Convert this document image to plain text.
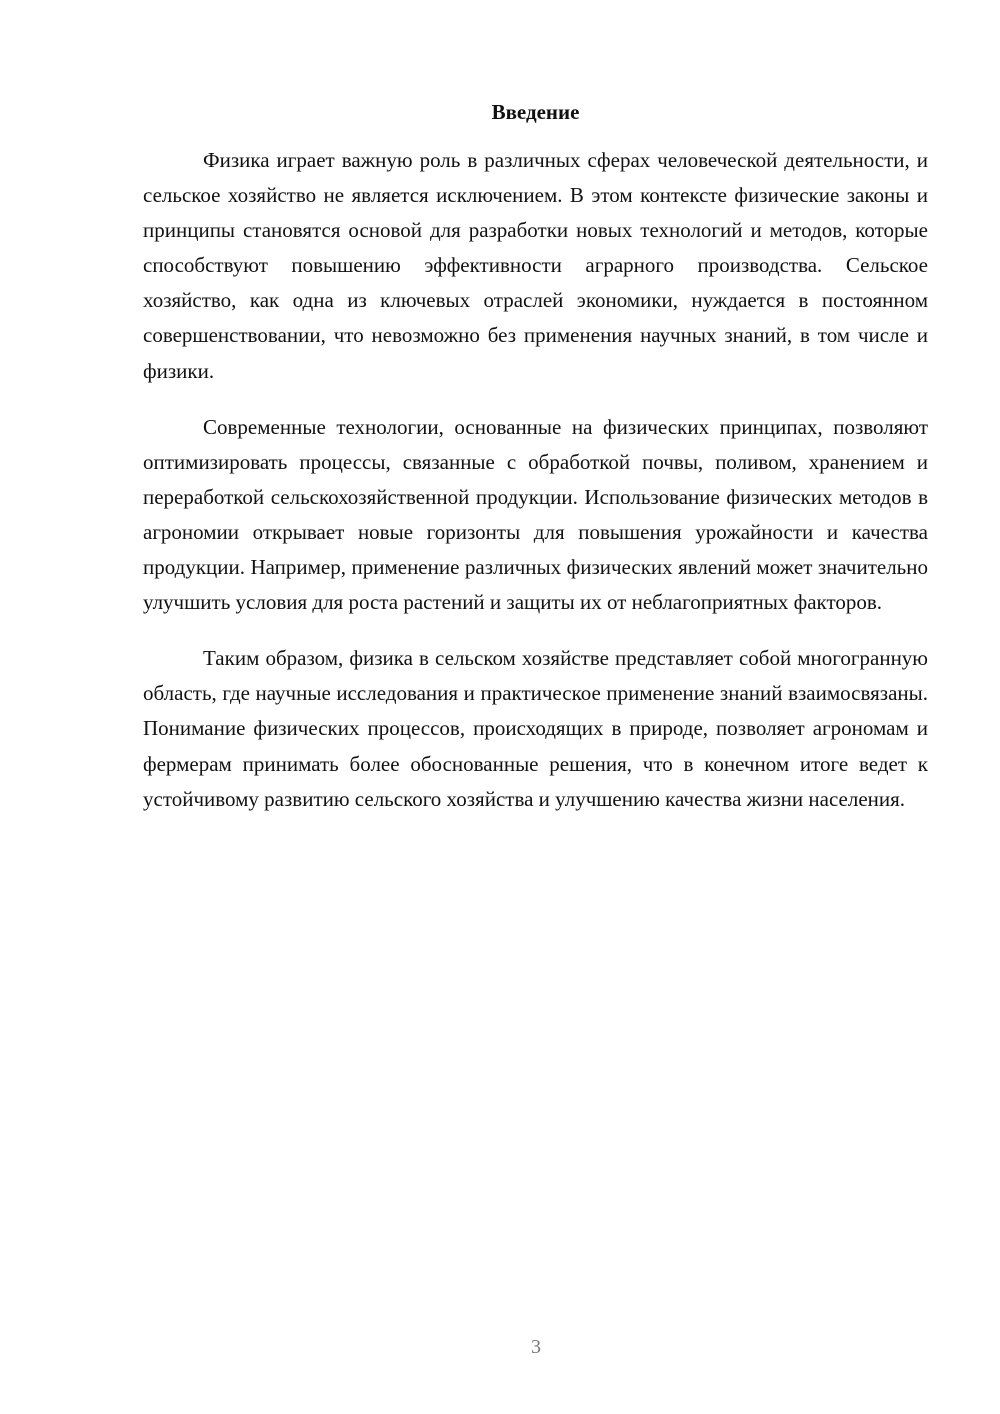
Введение

Физика играет важную роль в различных сферах человеческой деятельности, и сельское хозяйство не является исключением. В этом контексте физические законы и принципы становятся основой для разработки новых технологий и методов, которые способствуют повышению эффективности аграрного производства. Сельское хозяйство, как одна из ключевых отраслей экономики, нуждается в постоянном совершенствовании, что невозможно без применения научных знаний, в том числе и физики.

Современные технологии, основанные на физических принципах, позволяют оптимизировать процессы, связанные с обработкой почвы, поливом, хранением и переработкой сельскохозяйственной продукции. Использование физических методов в агрономии открывает новые горизонты для повышения урожайности и качества продукции. Например, применение различных физических явлений может значительно улучшить условия для роста растений и защиты их от неблагоприятных факторов.

Таким образом, физика в сельском хозяйстве представляет собой многогранную область, где научные исследования и практическое применение знаний взаимосвязаны. Понимание физических процессов, происходящих в природе, позволяет агрономам и фермерам принимать более обоснованные решения, что в конечном итоге ведет к устойчивому развитию сельского хозяйства и улучшению качества жизни населения.

3
